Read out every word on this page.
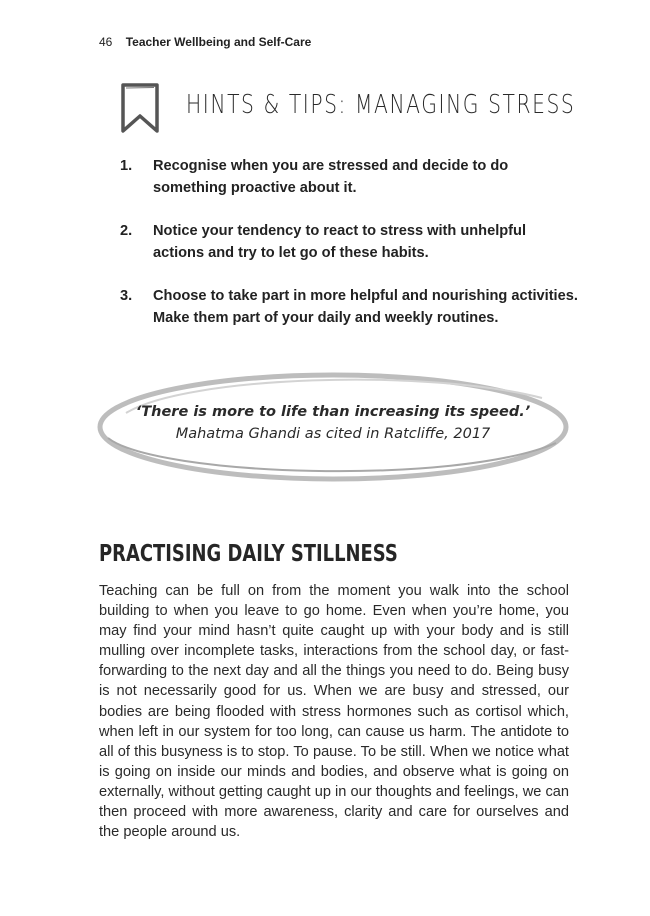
46 Teacher Wellbeing and Self-Care
HINTS & TIPS: MANAGING STRESS
1.	Recognise when you are stressed and decide to do something proactive about it.
2.	Notice your tendency to react to stress with unhelpful actions and try to let go of these habits.
3.	Choose to take part in more helpful and nourishing activities. Make them part of your daily and weekly routines.
‘There is more to life than increasing its speed.’
Mahatma Ghandi as cited in Ratcliffe, 2017
PRACTISING DAILY STILLNESS
Teaching can be full on from the moment you walk into the school building to when you leave to go home. Even when you’re home, you may find your mind hasn’t quite caught up with your body and is still mulling over incomplete tasks, interactions from the school day, or fast-forwarding to the next day and all the things you need to do. Being busy is not necessarily good for us. When we are busy and stressed, our bodies are being flooded with stress hormones such as cortisol which, when left in our system for too long, can cause us harm. The antidote to all of this busyness is to stop. To pause. To be still. When we notice what is going on inside our minds and bodies, and observe what is going on externally, without getting caught up in our thoughts and feelings, we can then proceed with more awareness, clarity and care for ourselves and the people around us.
